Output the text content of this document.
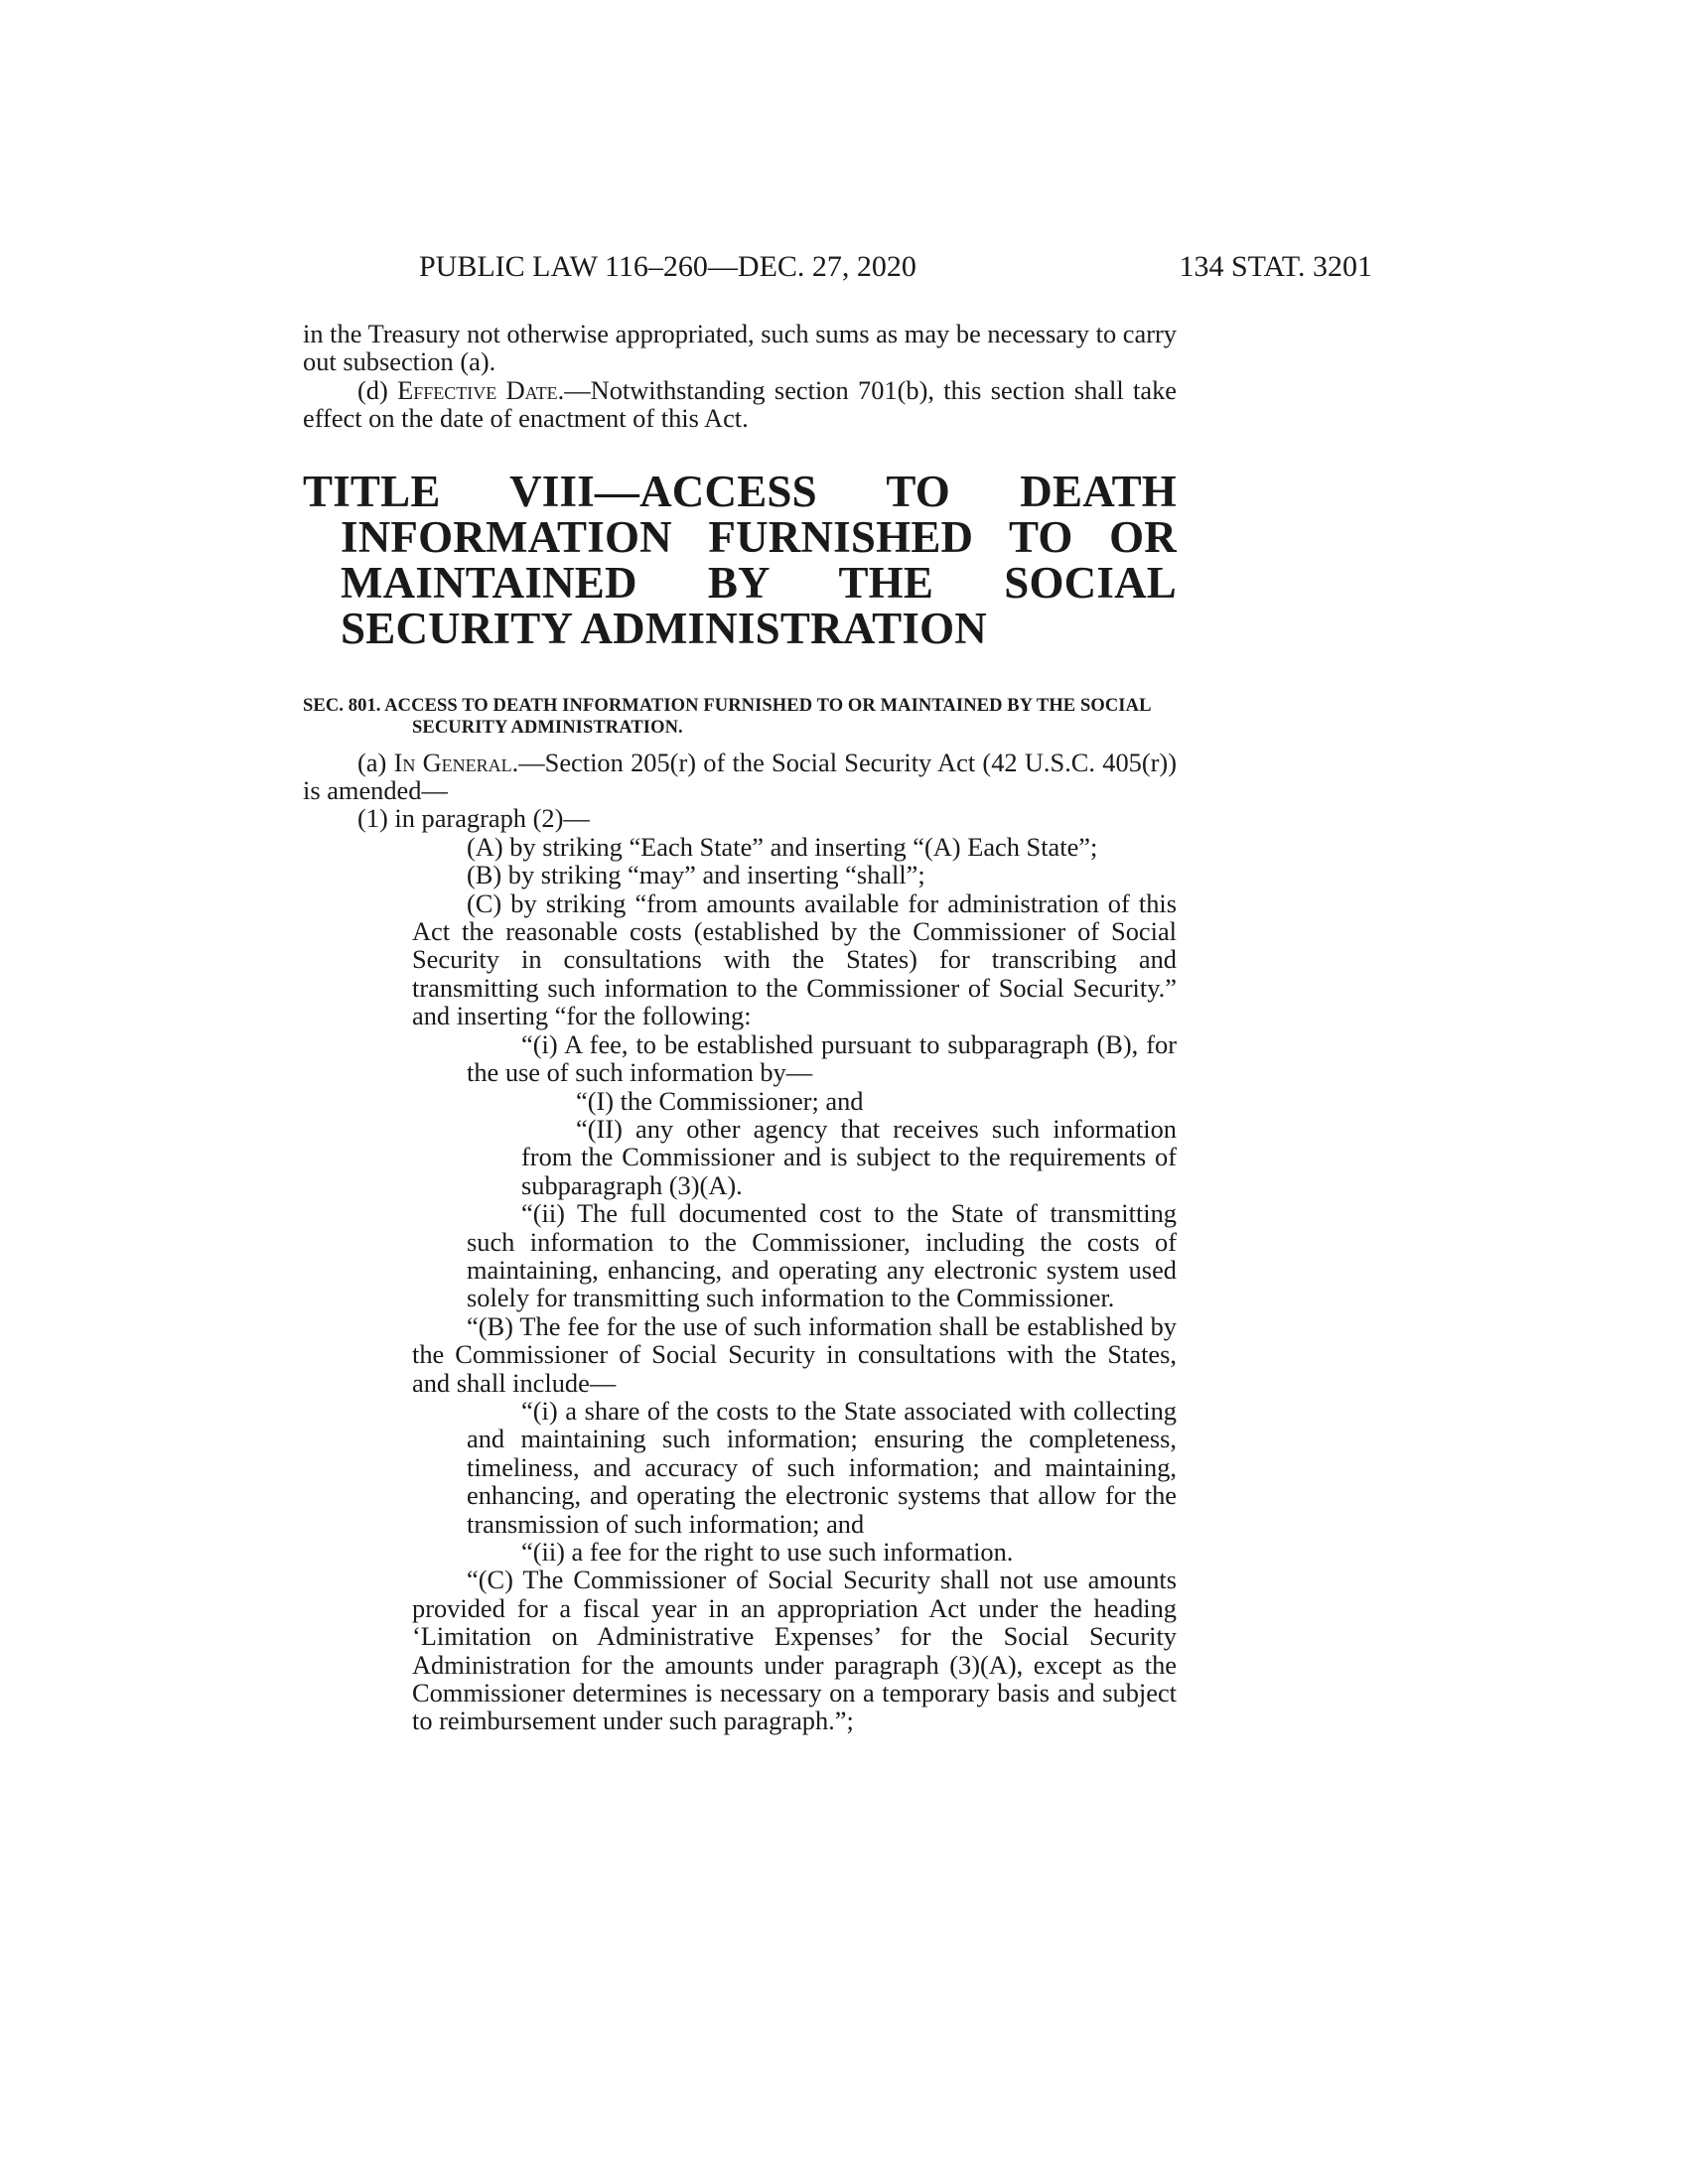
PUBLIC LAW 116–260—DEC. 27, 2020	134 STAT. 3201

in the Treasury not otherwise appropriated, such sums as may be necessary to carry out subsection (a).

(d) Effective Date.—Notwithstanding section 701(b), this section shall take effect on the date of enactment of this Act.

TITLE VIII—ACCESS TO DEATH INFORMATION FURNISHED TO OR MAINTAINED BY THE SOCIAL SECURITY ADMINISTRATION

SEC. 801. ACCESS TO DEATH INFORMATION FURNISHED TO OR MAINTAINED BY THE SOCIAL SECURITY ADMINISTRATION.

(a) In General.—Section 205(r) of the Social Security Act (42 U.S.C. 405(r)) is amended—

(1) in paragraph (2)—

(A) by striking “Each State” and inserting “(A) Each State”;

(B) by striking “may” and inserting “shall”;

(C) by striking “from amounts available for administration of this Act the reasonable costs (established by the Commissioner of Social Security in consultations with the States) for transcribing and transmitting such information to the Commissioner of Social Security.” and inserting “for the following:

“(i) A fee, to be established pursuant to subparagraph (B), for the use of such information by—

“(I) the Commissioner; and

“(II) any other agency that receives such information from the Commissioner and is subject to the requirements of subparagraph (3)(A).

“(ii) The full documented cost to the State of transmitting such information to the Commissioner, including the costs of maintaining, enhancing, and operating any electronic system used solely for transmitting such information to the Commissioner.

“(B) The fee for the use of such information shall be established by the Commissioner of Social Security in consultations with the States, and shall include—

“(i) a share of the costs to the State associated with collecting and maintaining such information; ensuring the completeness, timeliness, and accuracy of such information; and maintaining, enhancing, and operating the electronic systems that allow for the transmission of such information; and

“(ii) a fee for the right to use such information.

“(C) The Commissioner of Social Security shall not use amounts provided for a fiscal year in an appropriation Act under the heading ‘Limitation on Administrative Expenses’ for the Social Security Administration for the amounts under paragraph (3)(A), except as the Commissioner determines is necessary on a temporary basis and subject to reimbursement under such paragraph.”;
